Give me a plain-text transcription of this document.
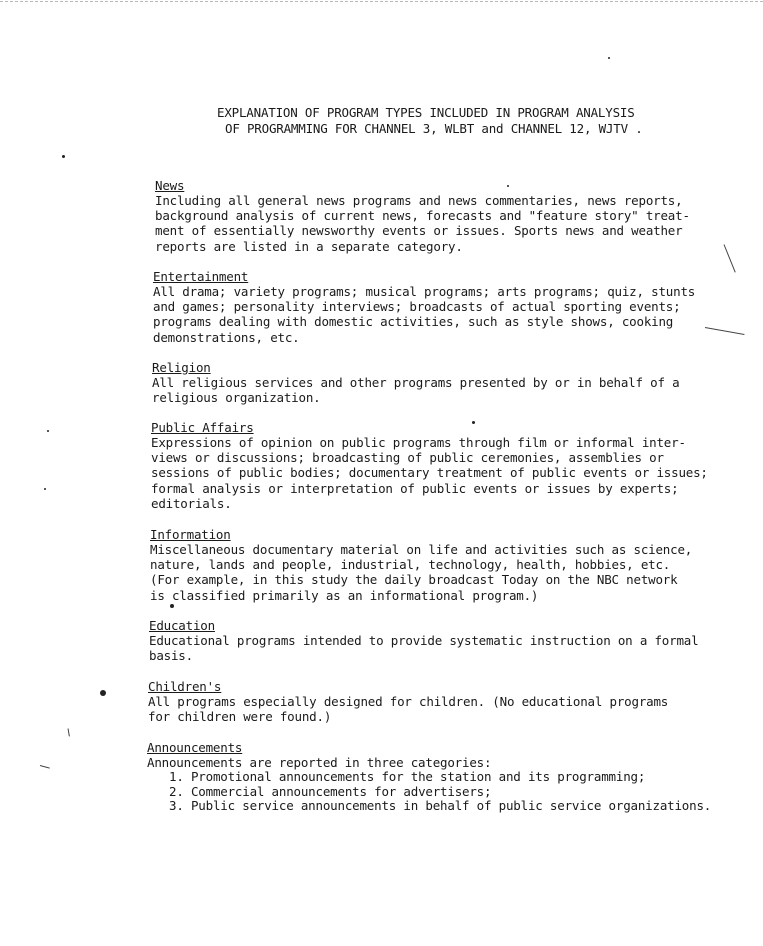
EXPLANATION OF PROGRAM TYPES INCLUDED IN PROGRAM ANALYSIS
OF PROGRAMMING FOR CHANNEL 3, WLBT and CHANNEL 12, WJTV .
News
Including all general news programs and news commentaries, news reports,
background analysis of current news, forecasts and "feature story" treat-
ment of essentially newsworthy events or issues. Sports news and weather
reports are listed in a separate category.
Entertainment
All drama; variety programs; musical programs; arts programs; quiz, stunts
and games; personality interviews; broadcasts of actual sporting events;
programs dealing with domestic activities, such as style shows, cooking
demonstrations, etc.
Religion
All religious services and other programs presented by or in behalf of a
religious organization.
Public Affairs
Expressions of opinion on public programs through film or informal inter-
views or discussions; broadcasting of public ceremonies, assemblies or
sessions of public bodies; documentary treatment of public events or issues;
formal analysis or interpretation of public events or issues by experts;
editorials.
Information
Miscellaneous documentary material on life and activities such as science,
nature, lands and people, industrial, technology, health, hobbies, etc.
(For example, in this study the daily broadcast Today on the NBC network
is classified primarily as an informational program.)
Education
Educational programs intended to provide systematic instruction on a formal
basis.
Children's
All programs especially designed for children. (No educational programs
for children were found.)
Announcements
Announcements are reported in three categories:
1. Promotional announcements for the station and its programming;
2. Commercial announcements for advertisers;
3. Public service announcements in behalf of public service organizations.
